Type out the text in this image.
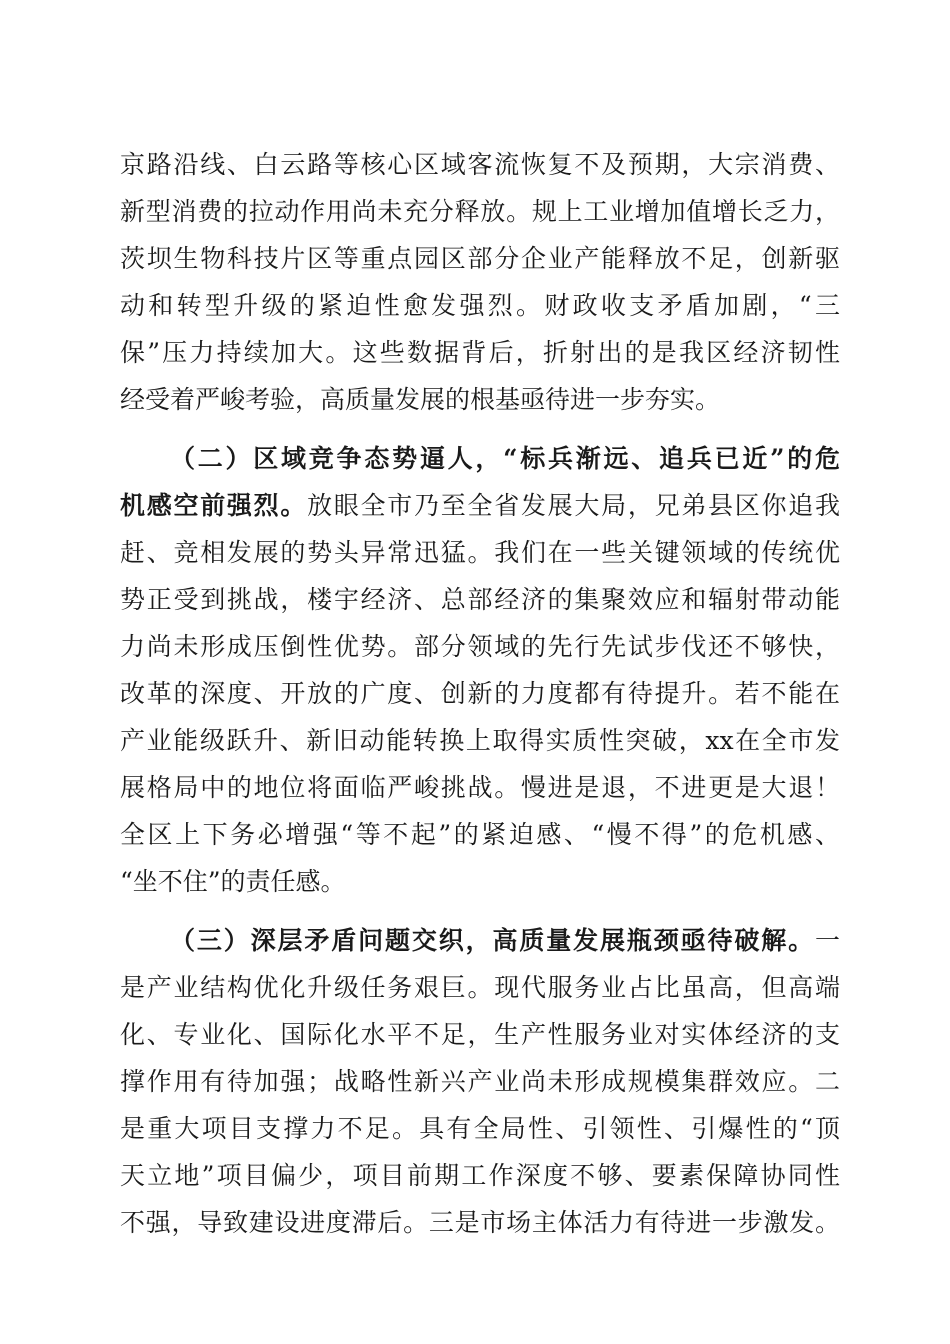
京路沿线、白云路等核心区域客流恢复不及预期，大宗消费、
新型消费的拉动作用尚未充分释放。规上工业增加值增长乏力，
茨坝生物科技片区等重点园区部分企业产能释放不足，创新驱
动和转型升级的紧迫性愈发强烈。财政收支矛盾加剧，“三
保”压力持续加大。这些数据背后，折射出的是我区经济韧性
经受着严峻考验，高质量发展的根基亟待进一步夯实。
（二）区域竞争态势逼人，“标兵渐远、追兵已近”的危
机感空前强烈。放眼全市乃至全省发展大局，兄弟县区你追我
赶、竞相发展的势头异常迅猛。我们在一些关键领域的传统优
势正受到挑战，楼宇经济、总部经济的集聚效应和辐射带动能
力尚未形成压倒性优势。部分领域的先行先试步伐还不够快，
改革的深度、开放的广度、创新的力度都有待提升。若不能在
产业能级跃升、新旧动能转换上取得实质性突破，xx在全市发
展格局中的地位将面临严峻挑战。慢进是退，不进更是大退！
全区上下务必增强“等不起”的紧迫感、“慢不得”的危机感、
“坐不住”的责任感。
（三）深层矛盾问题交织，高质量发展瓶颈亟待破解。一
是产业结构优化升级任务艰巨。现代服务业占比虽高，但高端
化、专业化、国际化水平不足，生产性服务业对实体经济的支
撑作用有待加强；战略性新兴产业尚未形成规模集群效应。二
是重大项目支撑力不足。具有全局性、引领性、引爆性的“顶
天立地”项目偏少，项目前期工作深度不够、要素保障协同性
不强，导致建设进度滞后。三是市场主体活力有待进一步激发。
